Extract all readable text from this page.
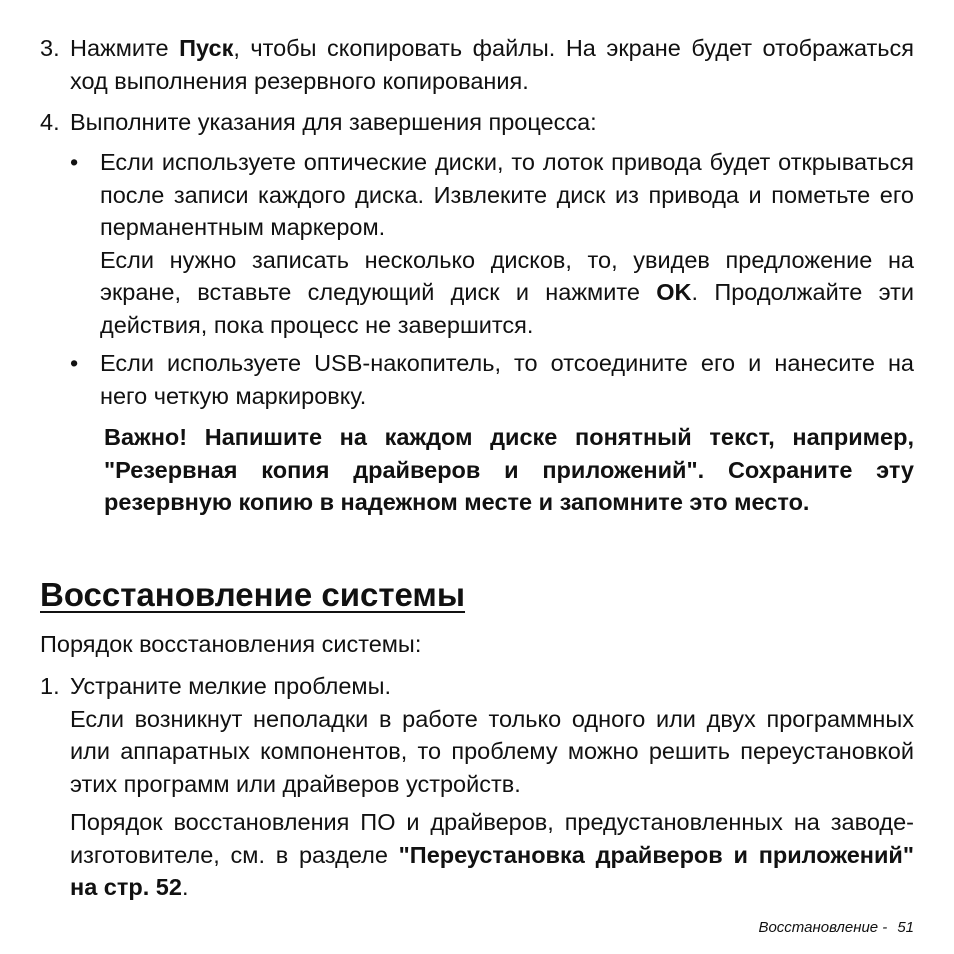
3. Нажмите Пуск, чтобы скопировать файлы. На экране будет отображаться ход выполнения резервного копирования.
4. Выполните указания для завершения процесса:
• Если используете оптические диски, то лоток привода будет открываться после записи каждого диска. Извлеките диск из привода и пометьте его перманентным маркером.
Если нужно записать несколько дисков, то, увидев предложение на экране, вставьте следующий диск и нажмите OK. Продолжайте эти действия, пока процесс не завершится.
• Если используете USB-накопитель, то отсоедините его и нанесите на него четкую маркировку.
Важно! Напишите на каждом диске понятный текст, например, "Резервная копия драйверов и приложений". Сохраните эту резервную копию в надежном месте и запомните это место.
Восстановление системы
Порядок восстановления системы:
1. Устраните мелкие проблемы.
Если возникнут неполадки в работе только одного или двух программных или аппаратных компонентов, то проблему можно решить переустановкой этих программ или драйверов устройств.
Порядок восстановления ПО и драйверов, предустановленных на заводе-изготовителе, см. в разделе "Переустановка драйверов и приложений" на стр. 52.
Восстановление - 51
